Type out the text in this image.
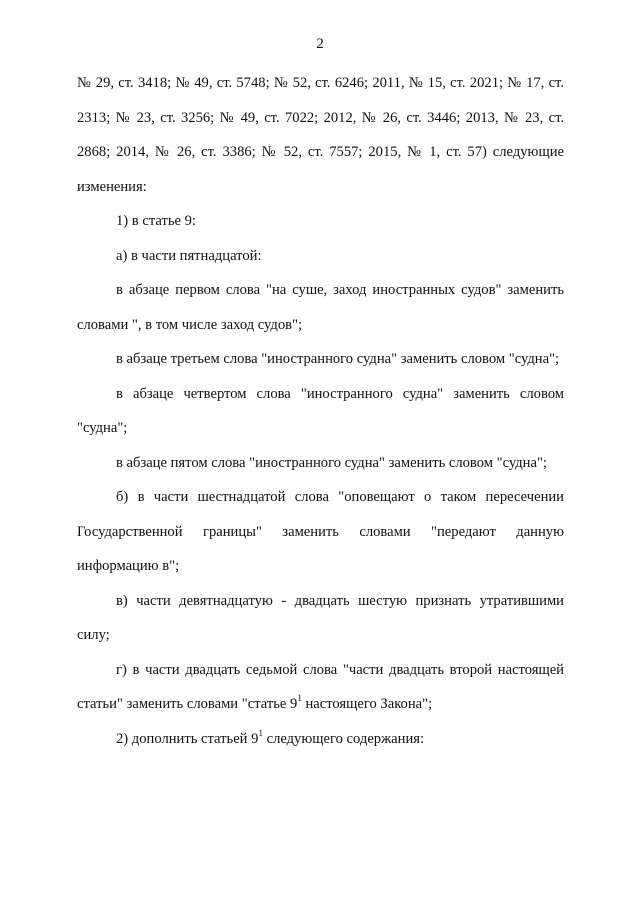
2

№ 29, ст. 3418; № 49, ст. 5748; № 52, ст. 6246; 2011, № 15, ст. 2021; № 17, ст. 2313; № 23, ст. 3256; № 49, ст. 7022; 2012, № 26, ст. 3446; 2013, № 23, ст. 2868; 2014, № 26, ст. 3386; № 52, ст. 7557; 2015, № 1, ст. 57) следующие изменения:

1) в статье 9:

а) в части пятнадцатой:

в абзаце первом слова "на суше, заход иностранных судов" заменить словами ", в том числе заход судов";

в абзаце третьем слова "иностранного судна" заменить словом "судна";

в абзаце четвертом слова "иностранного судна" заменить словом "судна";

в абзаце пятом слова "иностранного судна" заменить словом "судна";

б) в части шестнадцатой слова "оповещают о таком пересечении Государственной границы" заменить словами "передают данную информацию в";

в) части девятнадцатую - двадцать шестую признать утратившими силу;

г) в части двадцать седьмой слова "части двадцать второй настоящей статьи" заменить словами "статье $9^1$ настоящего Закона";

2) дополнить статьей $9^1$ следующего содержания:
